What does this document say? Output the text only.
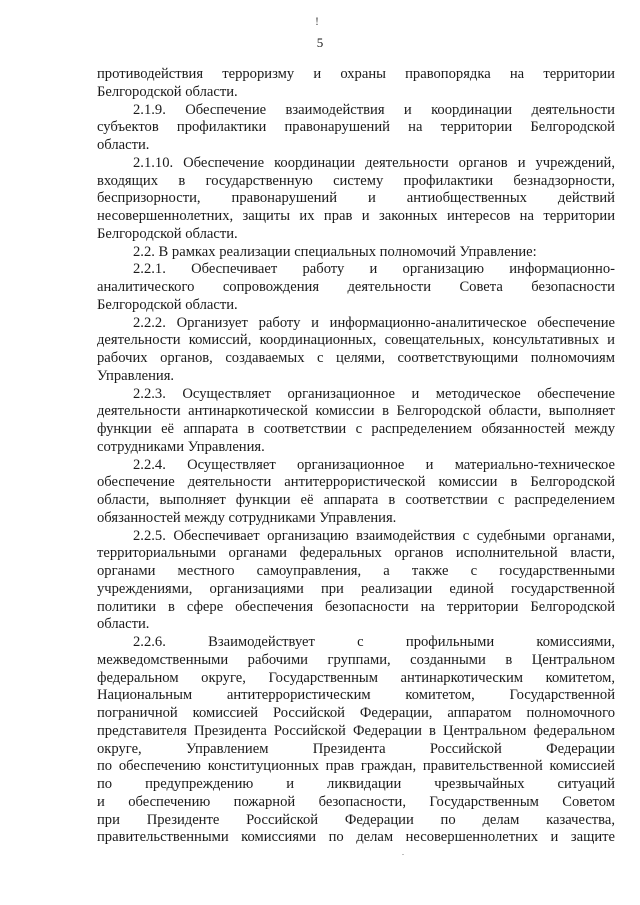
!
5
противодействия терроризму и охраны правопорядка на территории
Белгородской области.
2.1.9. Обеспечение взаимодействия и координации деятельности
субъектов профилактики правонарушений на территории Белгородской
области.
2.1.10. Обеспечение координации деятельности органов и учреждений,
входящих в государственную систему профилактики безнадзорности,
беспризорности, правонарушений и антиобщественных действий
несовершеннолетних, защиты их прав и законных интересов на территории
Белгородской области.
2.2. В рамках реализации специальных полномочий Управление:
2.2.1. Обеспечивает работу и организацию информационно-
аналитического сопровождения деятельности Совета безопасности
Белгородской области.
2.2.2. Организует работу и информационно-аналитическое обеспечение
деятельности комиссий, координационных, совещательных, консультативных и
рабочих органов, создаваемых с целями, соответствующими полномочиям
Управления.
2.2.3. Осуществляет организационное и методическое обеспечение
деятельности антинаркотической комиссии в Белгородской области, выполняет
функции её аппарата в соответствии с распределением обязанностей между
сотрудниками Управления.
2.2.4. Осуществляет организационное и материально-техническое
обеспечение деятельности антитеррористической комиссии в Белгородской
области, выполняет функции её аппарата в соответствии с распределением
обязанностей между сотрудниками Управления.
2.2.5. Обеспечивает организацию взаимодействия с судебными органами,
территориальными органами федеральных органов исполнительной власти,
органами местного самоуправления, а также с государственными
учреждениями, организациями при реализации единой государственной
политики в сфере обеспечения безопасности на территории Белгородской
области.
2.2.6. Взаимодействует с профильными комиссиями,
межведомственными рабочими группами, созданными в Центральном
федеральном округе, Государственным антинаркотическим комитетом,
Национальным антитеррористическим комитетом, Государственной
пограничной комиссией Российской Федерации, аппаратом полномочного
представителя Президента Российской Федерации в Центральном федеральном
округе, Управлением Президента Российской Федерации
по обеспечению конституционных прав граждан, правительственной комиссией
по предупреждению и ликвидации чрезвычайных ситуаций
и обеспечению пожарной безопасности, Государственным Советом
при Президенте Российской Федерации по делам казачества,
правительственными комиссиями по делам несовершеннолетних и защите
.
